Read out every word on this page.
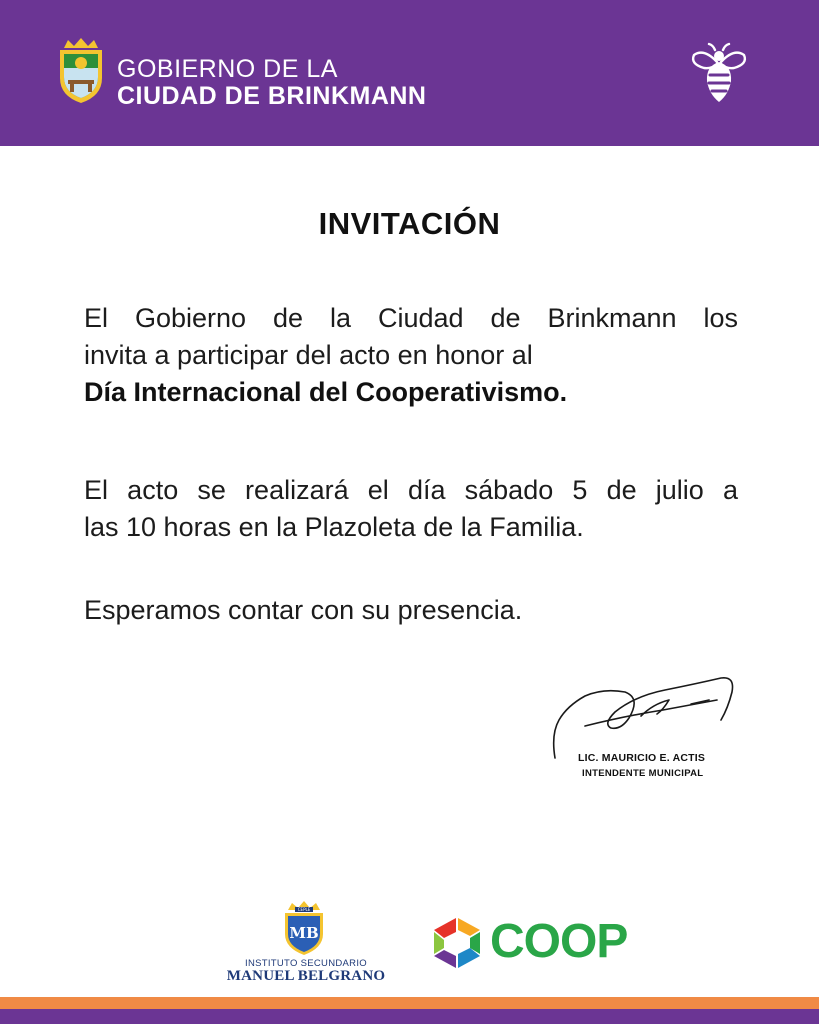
GOBIERNO DE LA
CIUDAD DE BRINKMANN
INVITACIÓN
El Gobierno de la Ciudad de Brinkmann los
invita a participar del acto en honor al
Día Internacional del Cooperativismo.
El acto se realizará el día sábado 5 de julio a
las 10 horas en la Plazoleta de la Familia.
Esperamos contar con su presencia.
LIC. MAURICIO E. ACTIS
INTENDENTE MUNICIPAL
CEPLE
MB
INSTITUTO SECUNDARIO
MANUEL BELGRANO
COOP
